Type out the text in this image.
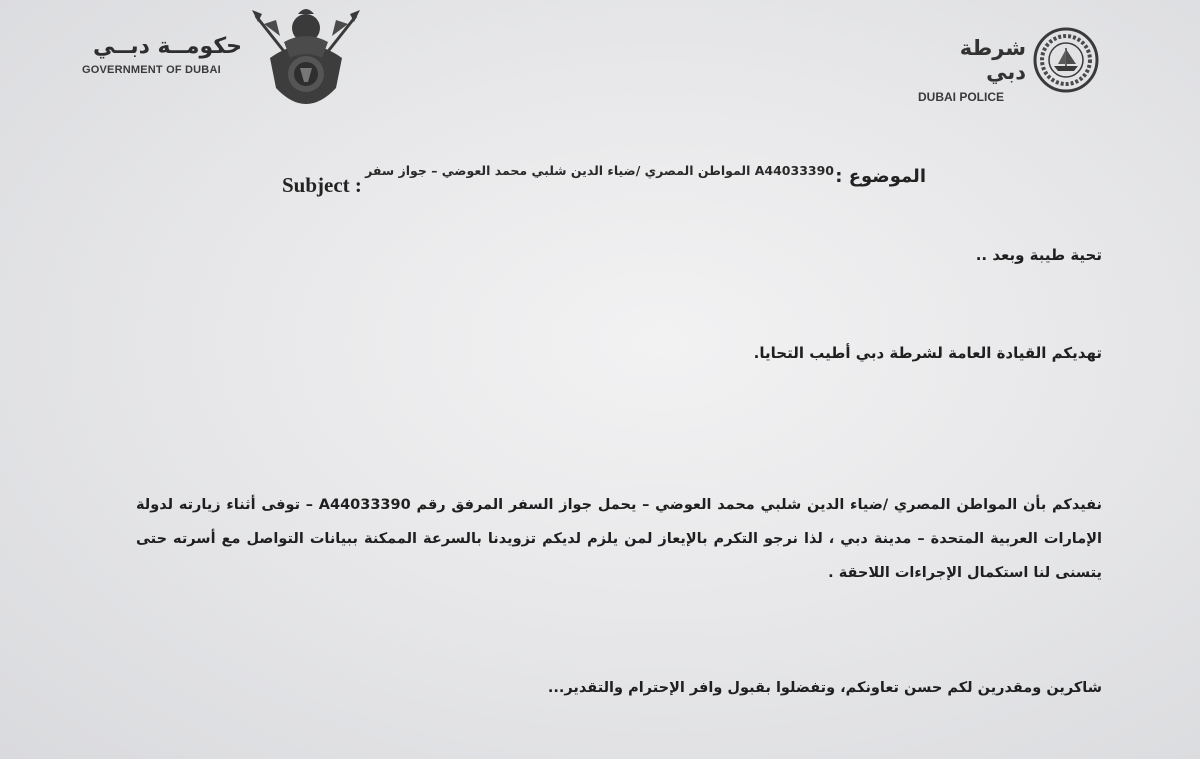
حكومــة دبــي
GOVERNMENT OF DUBAI
شرطة دبي
DUBAI POLICE
Subject :
A44033390 المواطن المصري /ضياء الدين شلبي محمد العوضي – جواز سفر الموضوع :
تحية طيبة وبعد ..
تهديكم القيادة العامة لشرطة دبي أطيب التحايا.
نفيدكم بأن المواطن المصري /ضياء الدين شلبي محمد العوضي – يحمل جواز السفر المرفق رقم A44033390 – توفى أثناء زيارته لدولة الإمارات العربية المتحدة – مدينة دبي ، لذا نرجو التكرم بالإيعاز لمن يلزم لديكم تزويدنا بالسرعة الممكنة ببيانات التواصل مع أسرته حتى يتسنى لنا استكمال الإجراءات اللاحقة .
شاكرين ومقدرين لكم حسن تعاونكم، وتفضلوا بقبول وافر الإحترام والتقدير...
